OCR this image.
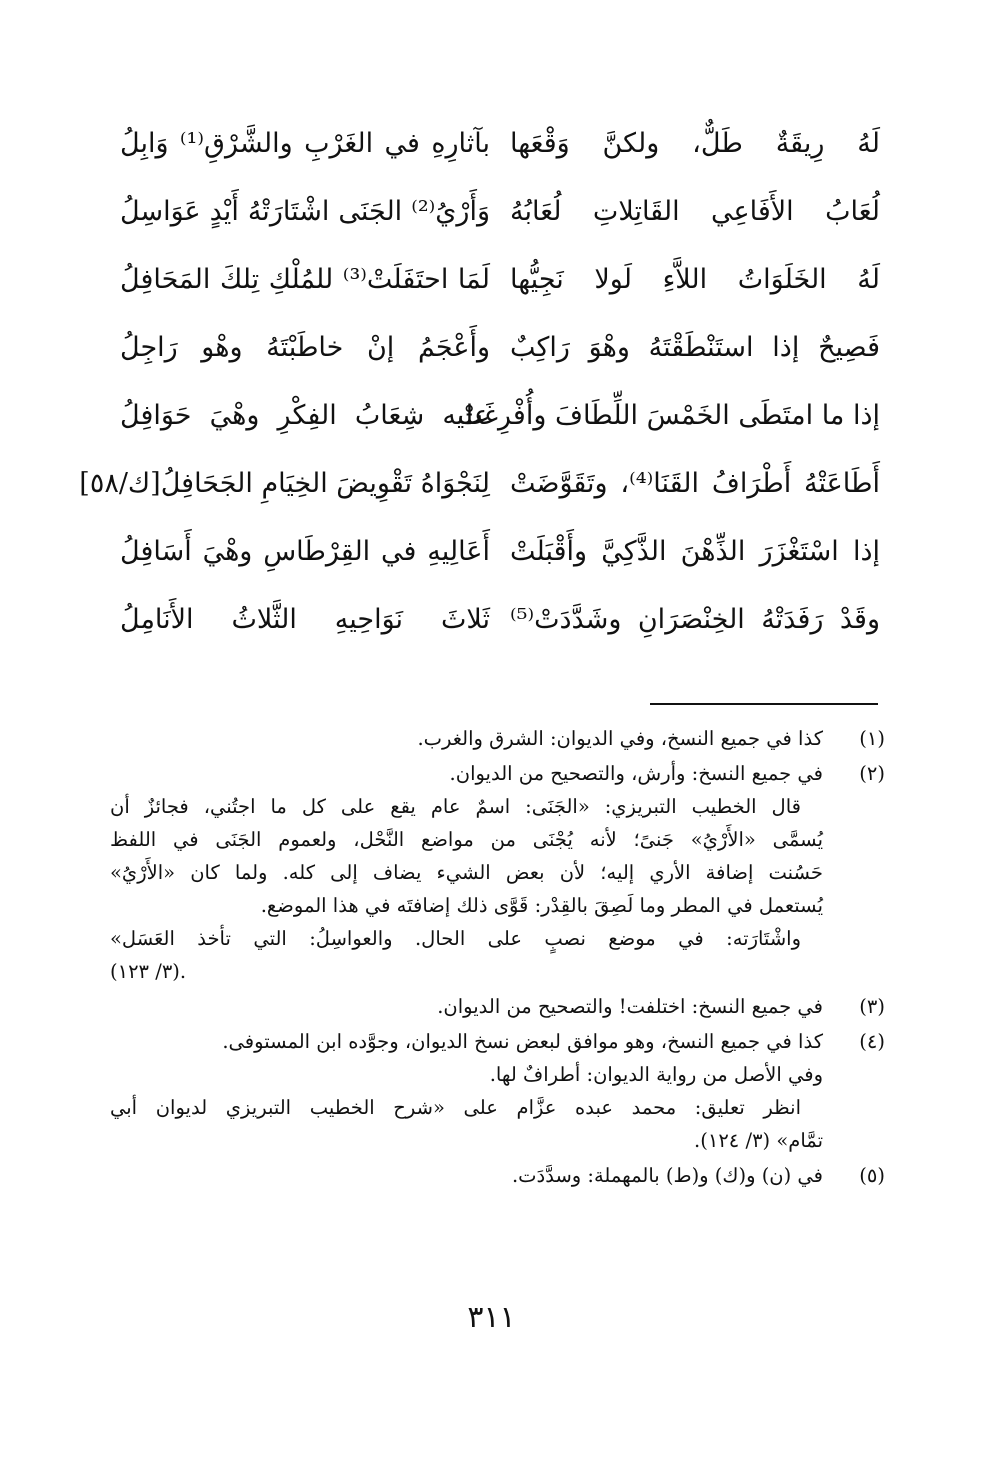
لَهُ رِيقَةٌ طَلٌّ، ولكنَّ وَقْعَها
بآثارِهِ في الغَرْبِ والشَّرْقِ⁽¹⁾ وَابِلُ
لُعَابُ الأَفَاعِي القَاتِلاتِ لُعَابُهُ
وَأَرْيُ⁽²⁾ الجَنَى اشْتَارَتْهُ أَيْدٍ عَوَاسِلُ
لَهُ الخَلَوَاتُ اللاَّءِ لَولا نَجِيُّها
لَمَا احتَفَلَتْ⁽³⁾ للمُلْكِ تِلكَ المَحَافِلُ
فَصِيحٌ إذا استَنْطَقْتَهُ وهْوَ رَاكِبٌ
وأَعْجَمُ إنْ خاطَبْتَهُ وهْو رَاجِلُ
إذا ما امتَطَى الخَمْسَ اللِّطَافَ وأُفْرِغَتْ
عليه شِعَابُ الفِكْرِ وهْيَ حَوَافِلُ
أَطَاعَتْهُ أَطْرَافُ القَنَا⁽⁴⁾، وتَقَوَّضَتْ
لِنَجْوَاهُ تَقْوِيضَ الخِيَامِ الجَحَافِلُ[ك/٥٨]
إذا اسْتَغْزَرَ الذِّهْنَ الذَّكِيَّ وأَقْبَلَتْ
أَعَالِيهِ في القِرْطَاسِ وهْيَ أَسَافِلُ
وقَدْ رَفَدَتْهُ الخِنْصَرَانِ وشَدَّدَتْ⁽⁵⁾
ثَلاثَ نَوَاحِيهِ الثَّلاثُ الأَنَامِلُ
(١)
كذا في جميع النسخ، وفي الديوان: الشرق والغرب.
(٢)
في جميع النسخ: وأرش، والتصحيح من الديوان.
قال الخطيب التبريزي: «الجَنَى: اسمٌ عام يقع على كل ما اجتُني، فجائزٌ أن
يُسمَّى «الأَرْيُ» جَنىً؛ لأنه يُجْنَى من مواضع النَّحْل، ولعموم الجَنَى في اللفظ
حَسُنت إضافة الأري إليه؛ لأن بعض الشيء يضاف إلى كله. ولما كان «الأَرْيُ»
يُستعمل في المطر وما لَصِقَ بالقِدْر: قَوَّى ذلك إضافتَه في هذا الموضع.
واشْتَارَته: في موضع نصبٍ على الحال. والعواسِلُ: التي تأخذ العَسَل»
(٣/ ١٢٣).
(٣)
في جميع النسخ: اختلفت! والتصحيح من الديوان.
(٤)
كذا في جميع النسخ، وهو موافق لبعض نسخ الديوان، وجوَّده ابن المستوفى.
وفي الأصل من رواية الديوان: أطرافٌ لها.
انظر تعليق: محمد عبده عزَّام على «شرح الخطيب التبريزي لديوان أبي
تمَّام» (٣/ ١٢٤).
(٥)
في (ن) و(ك) و(ط) بالمهملة: وسدَّدَت.
٣١١
